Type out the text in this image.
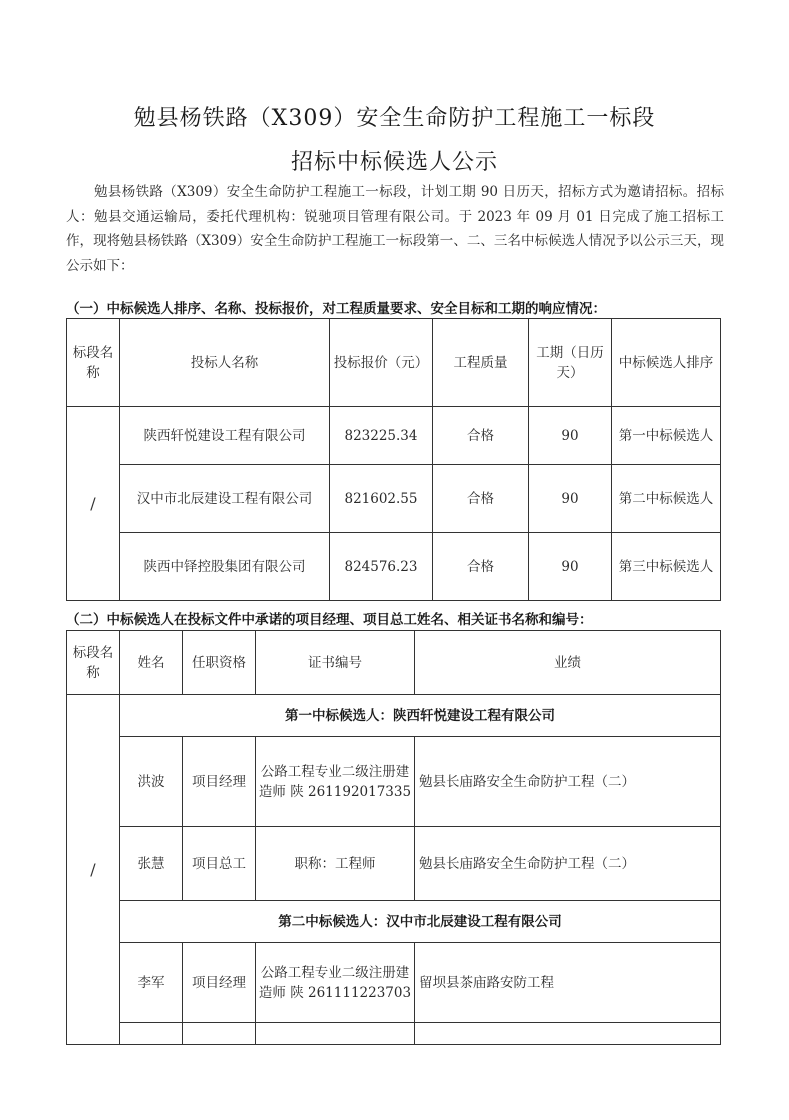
勉县杨铁路（X309）安全生命防护工程施工一标段
招标中标候选人公示
勉县杨铁路（X309）安全生命防护工程施工一标段，计划工期 90 日历天，招标方式为邀请招标。招标人：勉县交通运输局，委托代理机构：锐驰项目管理有限公司。于 2023 年 09 月 01 日完成了施工招标工作，现将勉县杨铁路（X309）安全生命防护工程施工一标段第一、二、三名中标候选人情况予以公示三天，现公示如下：
（一）中标候选人排序、名称、投标报价，对工程质量要求、安全目标和工期的响应情况：
标段名称	投标人名称	投标报价（元）	工程质量	工期（日历天）	中标候选人排序
/	陕西轩悦建设工程有限公司	823225.34	合格	90	第一中标候选人
	汉中市北辰建设工程有限公司	821602.55	合格	90	第二中标候选人
	陕西中铎控股集团有限公司	824576.23	合格	90	第三中标候选人
（二）中标候选人在投标文件中承诺的项目经理、项目总工姓名、相关证书名称和编号：
标段名称	姓名	任职资格	证书编号	业绩
/	第一中标候选人：陕西轩悦建设工程有限公司			
	洪波	项目经理	公路工程专业二级注册建造师 陕 261192017335	勉县长庙路安全生命防护工程（二）
	张慧	项目总工	职称：工程师	勉县长庙路安全生命防护工程（二）
	第二中标候选人：汉中市北辰建设工程有限公司			
	李军	项目经理	公路工程专业二级注册建造师 陕 261111223703	留坝县茶庙路安防工程
